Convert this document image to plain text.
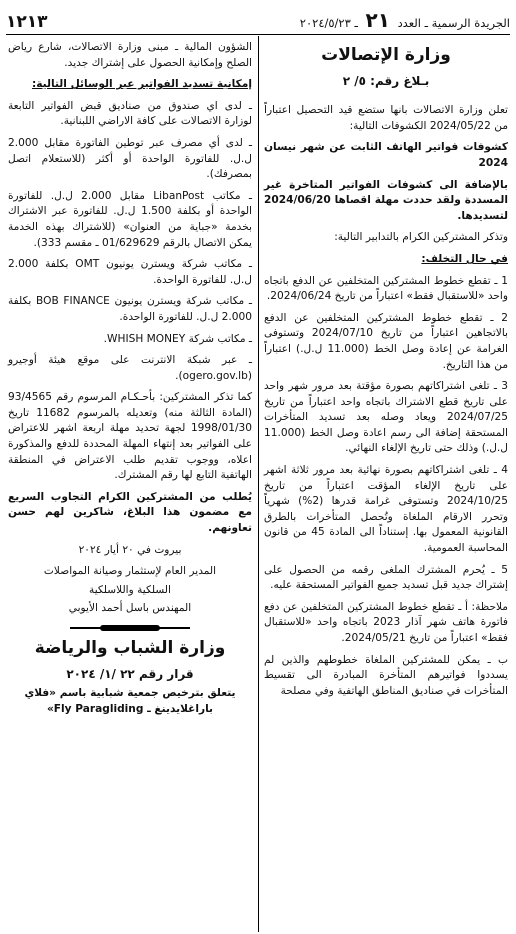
١٢١٣	الجريدة الرسمية ـ العدد ٢١ ـ ٢٠٢٤/٥/٢٣
وزارة الإتصالات
بـلاغ رقم: ٥/ ٢

تعلن وزارة الاتصالات بانها ستضع قيد التحصيل اعتباراً من 2024/05/22 الكشوفات التالية:

كشوفات فواتير الهاتف الثابت عن شهر نيسان 2024

بالإضافة الى كشوفات الفواتير المتاخرة غير المسددة ولقد حددت مهلة اقصاها 2024/06/20 لتسديدها.

وتذكر المشتركين الكرام بالتدابير التالية:

في حال التخلف:

1 ـ تقطع خطوط المشتركين المتخلفين عن الدفع باتجاه واحد «للاستقبال فقط» اعتباراً من تاريخ 2024/06/24.

2 ـ تقطع خطوط المشتركين المتخلفين عن الدفع بالاتجاهين اعتباراً من تاريخ 2024/07/10 وتستوفى الغرامة عن إعادة وصل الخط (11.000 ل.ل.) اعتباراً من هذا التاريخ.

3 ـ تلغى اشتراكاتهم بصورة مؤقتة بعد مرور شهر واحد على تاريخ قطع الاشتراك باتجاه واحد اعتباراً من تاريخ 2024/07/25 ويعاد وصله بعد تسديد المتأخرات المستحقة إضافة الى رسم اعادة وصل الخط (11.000 ل.ل.) وذلك حتى تاريخ الإلغاء النهائي.

4 ـ تلغى اشتراكاتهم بصورة نهائية بعد مرور ثلاثة اشهر على تاريخ الإلغاء المؤقت اعتباراً من تاريخ 2024/10/25 وتستوفى غرامة قدرها (2%) شهرياً وتحرر الارقام الملغاة وتُحصل المتأخرات بالطرق القانونية المعمول بها. إستناداً الى المادة 45 من قانون المحاسبة العمومية.

5 ـ يُحرم المشترك الملغى رقمه من الحصول على إشتراك جديد قبل تسديد جميع الفواتير المستحقة عليه.

ملاحظة: أ ـ تقطع خطوط المشتركين المتخلفين عن دفع فاتورة هاتف شهر آذار 2023 باتجاه واحد «للاستقبال فقط» اعتباراً من تاريخ 2024/05/21.

ب ـ يمكن للمشتركين الملغاة خطوطهم والذين لم يسددوا فواتيرهم المتأخرة المبادرة الى تقسيط المتأخرات في صناديق المناطق الهاتفية وفي مصلحة

الشؤون المالية ـ مبنى وزارة الاتصالات، شارع رياض الصلح وإمكانية الحصول على إشتراك جديد.

إمكانية تسديد الفواتير عبر الوسائل التالية:

ـ لدى اي صندوق من صناديق قبض الفواتير التابعة لوزارة الاتصالات على كافة الاراضي اللبنانية.

ـ لدى أي مصرف عبر توطين الفاتورة مقابل 2.000 ل.ل. للفاتورة الواحدة أو أكثر (للاستعلام اتصل بمصرفك).

ـ مكاتب LibanPost مقابل 2.000 ل.ل. للفاتورة الواحدة أو بكلفة 1.500 ل.ل. للفاتورة عبر الاشتراك بخدمة «جباية من العنوان» (للاشتراك بهذه الخدمة يمكن الاتصال بالرقم 01/629629 ـ مقسم 333).

ـ مكاتب شركة ويسترن يونيون OMT بكلفة 2.000 ل.ل. للفاتورة الواحدة.

ـ مكاتب شركة ويسترن يونيون BOB FINANCE بكلفة 2.000 ل.ل. للفاتورة الواحدة.

ـ مكاتب شركة WHISH MONEY.

ـ عبر شبكة الانترنت على موقع هيئة أوجيرو (ogero.gov.lb).

كما تذكر المشتركين: بأحـكـام المرسوم رقم 93/4565 (المادة الثالثة منه) وتعديله بالمرسوم 11682 تاريخ 1998/01/30 لجهة تحديد مهلة اربعة اشهر للاعتراض على الفواتير بعد إنتهاء المهلة المحددة للدفع والمذكورة اعلاه، ووجوب تقديم طلب الاعتراض في المنطقة الهاتفية التابع لها رقم المشترك.

يُطلب من المشتركين الكرام التجاوب السريع مع مضمون هذا البلاغ، شاكرين لهم حسن تعاونهم.

بيروت في ٢٠ أيار ٢٠٢٤

المدير العام لإستثمار وصيانة المواصلات
السلكية واللاسلكية
المهندس باسل أحمد الأيوبي
وزارة الشباب والرياضة
قرار رقم ٢٢ /١/ ٢٠٢٤

يتعلق بترخيص جمعية شبابية باسم «فلاي باراغلايدينغ ـ Fly Paragliding»
